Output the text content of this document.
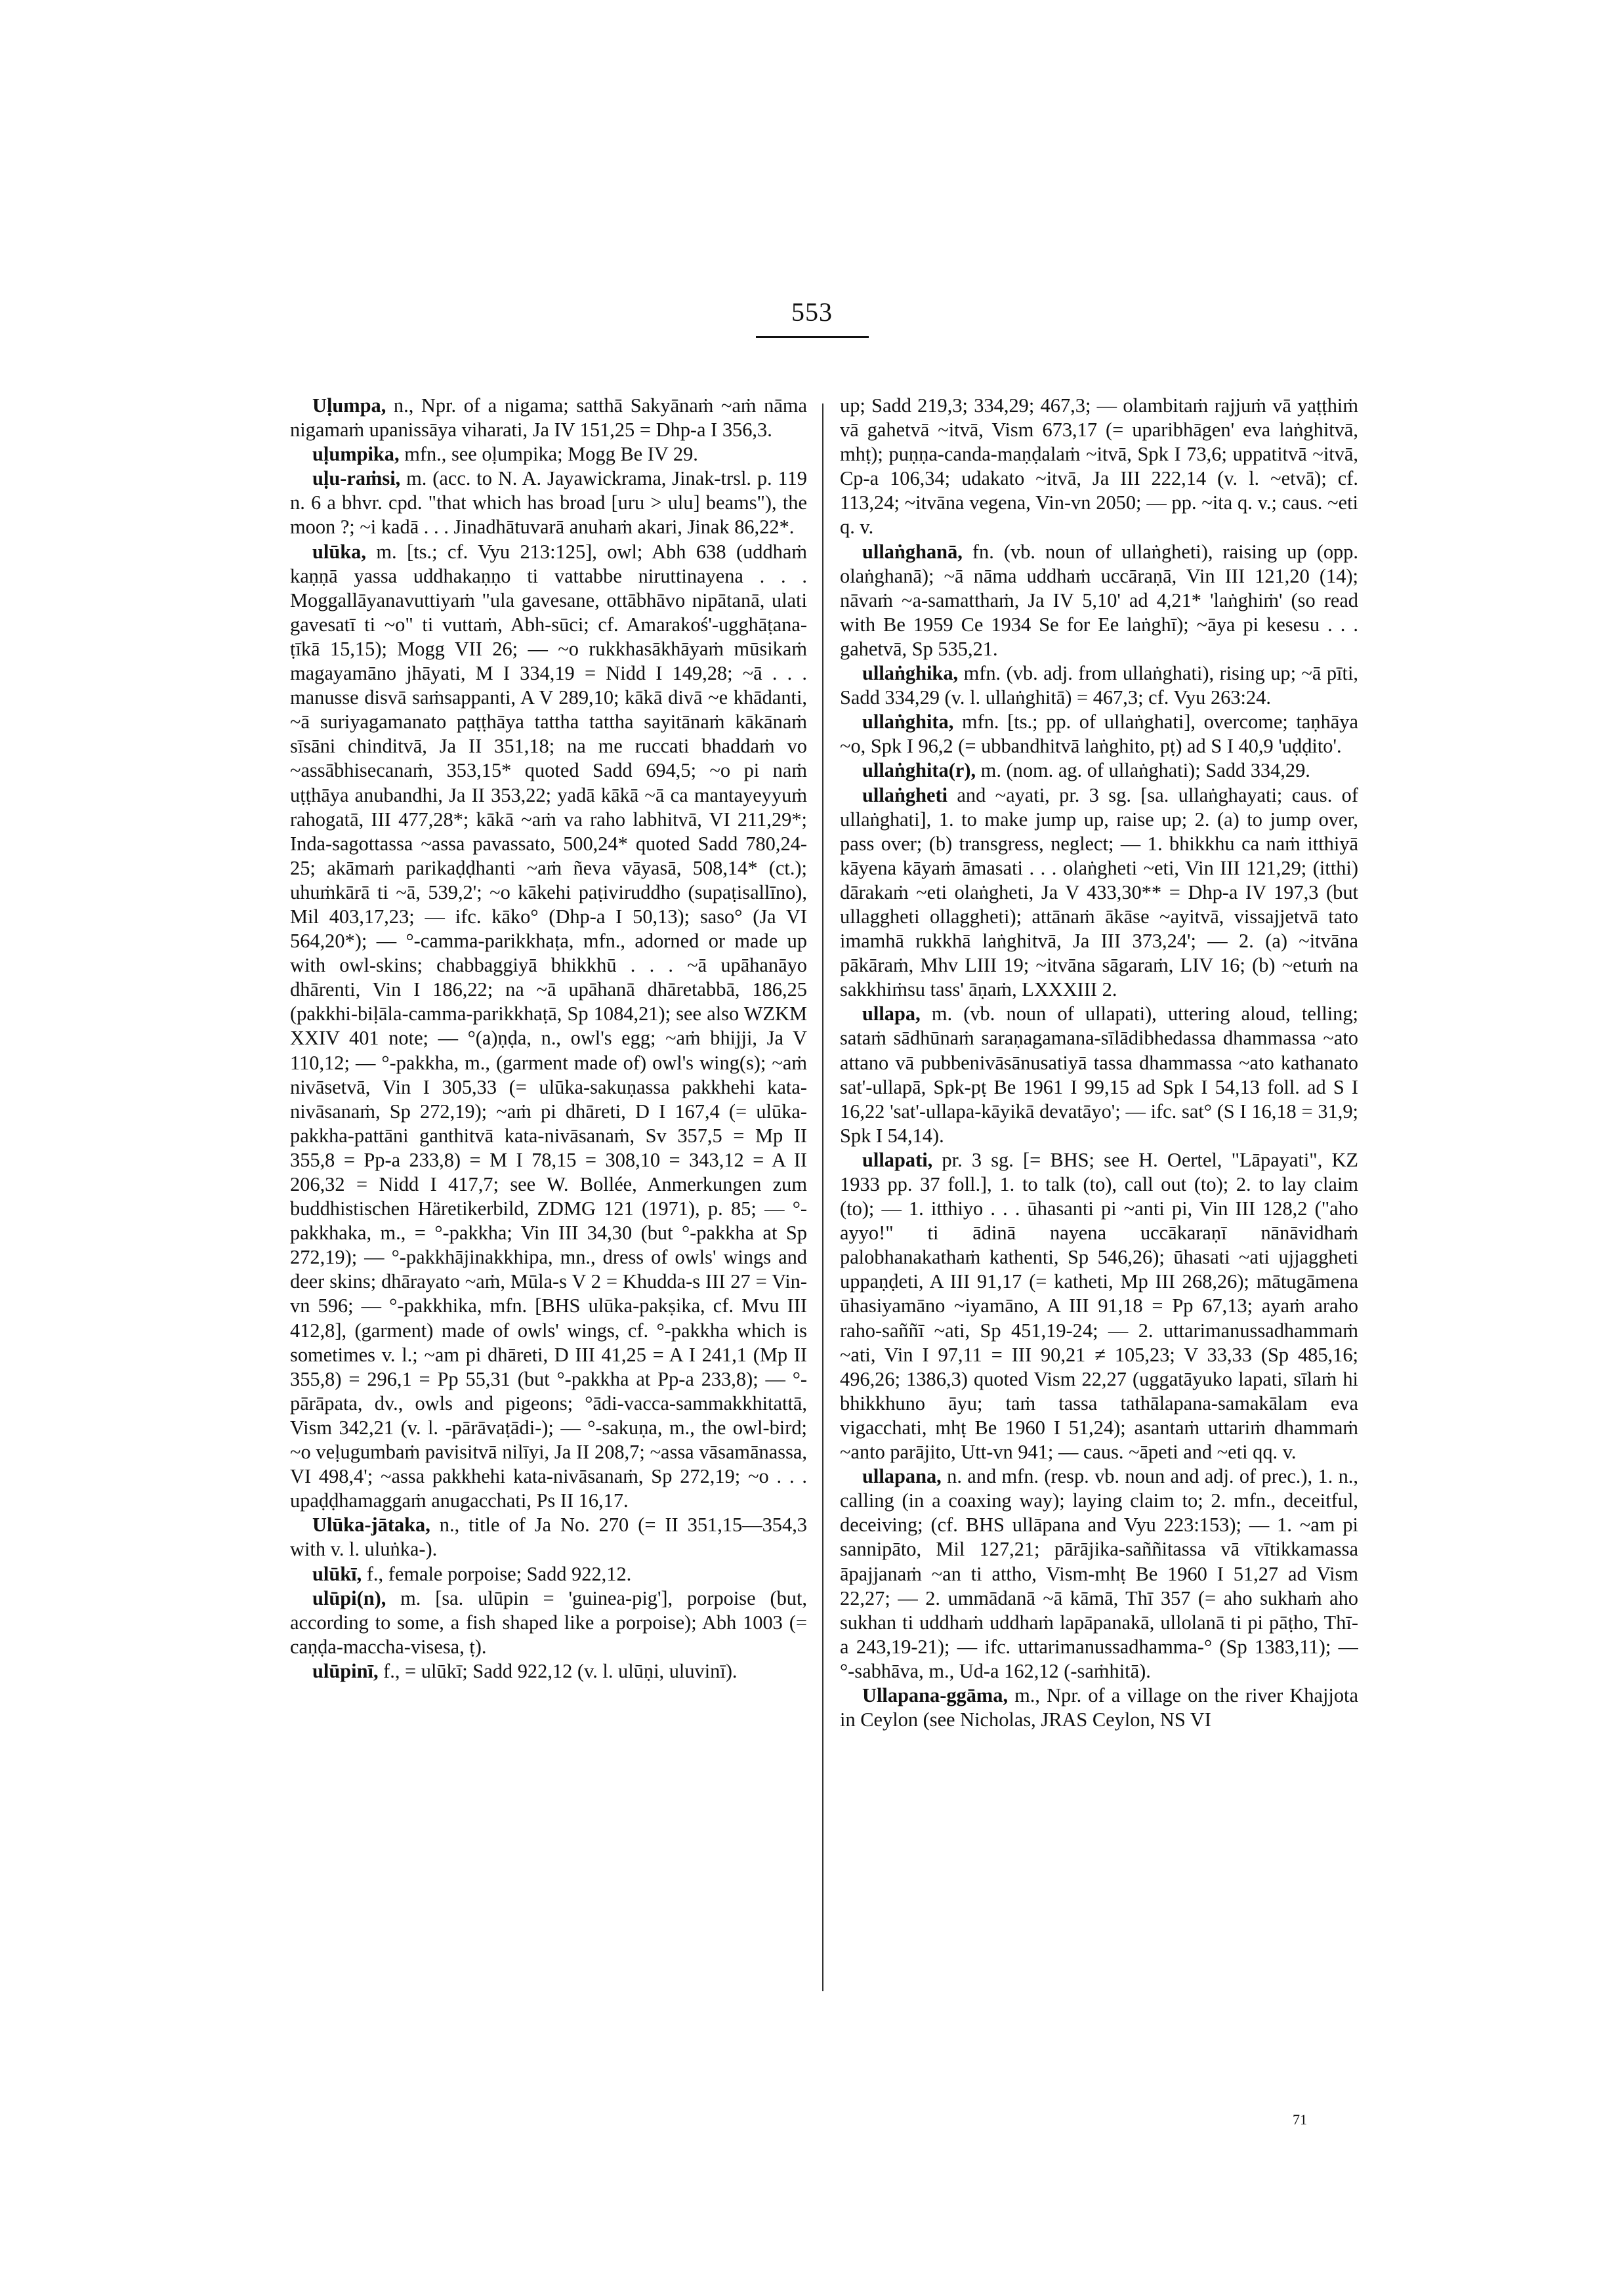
553

Uḷumpa, n., Npr. of a nigama; satthā Sakyānaṁ ~aṁ nāma nigamaṁ upanissāya viharati, Ja IV 151,25 = Dhp-a I 356,3.

uḷumpika, mfn., see oḷumpika; Mogg Be IV 29.

uḷu-raṁsi, m. (acc. to N. A. Jayawickrama, Jinak-trsl. p. 119 n. 6 a bhvr. cpd. "that which has broad [uru > ulu] beams"), the moon ?; ~i kadā . . . Jinadhātuvarā anuhaṁ akari, Jinak 86,22*.

ulūka, m. [ts.; cf. Vyu 213:125], owl; Abh 638 (uddhaṁ kaṇṇā yassa uddhakaṇṇo ti vattabbe niruttinayena . . . Moggallāyanavuttiyaṁ "ula gavesane, ottābhāvo nipātanā, ulati gavesatī ti ~o" ti vuttaṁ, Abh-sūci; cf. Amarakoś'-ugghāṭana-ṭīkā 15,15); Mogg VII 26; — ~o rukkhasākhāyaṁ mūsikaṁ magayamāno jhāyati, M I 334,19 = Nidd I 149,28; ~ā . . . manusse disvā saṁsappanti, A V 289,10; kākā divā ~e khādanti, ~ā suriyagamanato paṭṭhāya tattha tattha sayitānaṁ kākānaṁ sīsāni chinditvā, Ja II 351,18; na me ruccati bhaddaṁ vo ~assābhisecanaṁ, 353,15* quoted Sadd 694,5; ~o pi naṁ uṭṭhāya anubandhi, Ja II 353,22; yadā kākā ~ā ca mantayeyyuṁ rahogatā, III 477,28*; kākā ~aṁ va raho labhitvā, VI 211,29*; Inda-sagottassa ~assa pavassato, 500,24* quoted Sadd 780,24-25; akāmaṁ parikaḍḍhanti ~aṁ ñeva vāyasā, 508,14* (ct.); uhuṁkārā ti ~ā, 539,2'; ~o kākehi paṭiviruddho (supaṭisallīno), Mil 403,17,23; — ifc. kāko° (Dhp-a I 50,13); saso° (Ja VI 564,20*); — °-camma-parikkhaṭa, mfn., adorned or made up with owl-skins; chabbaggiyā bhikkhū . . . ~ā upāhanāyo dhārenti, Vin I 186,22; na ~ā upāhanā dhāretabbā, 186,25 (pakkhi-biḷāla-camma-parikkhaṭā, Sp 1084,21); see also WZKM XXIV 401 note; — °(a)ṇḍa, n., owl's egg; ~aṁ bhijji, Ja V 110,12; — °-pakkha, m., (garment made of) owl's wing(s); ~aṁ nivāsetvā, Vin I 305,33 (= ulūka-sakuṇassa pakkhehi kata-nivāsanaṁ, Sp 272,19); ~aṁ pi dhāreti, D I 167,4 (= ulūka-pakkha-pattāni ganthitvā kata-nivāsanaṁ, Sv 357,5 = Mp II 355,8 = Pp-a 233,8) = M I 78,15 = 308,10 = 343,12 = A II 206,32 = Nidd I 417,7; see W. Bollée, Anmerkungen zum buddhistischen Häretikerbild, ZDMG 121 (1971), p. 85; — °-pakkhaka, m., = °-pakkha; Vin III 34,30 (but °-pakkha at Sp 272,19); — °-pakkhājinakkhipa, mn., dress of owls' wings and deer skins; dhārayato ~aṁ, Mūla-s V 2 = Khudda-s III 27 = Vin-vn 596; — °-pakkhika, mfn. [BHS ulūka-pakṣika, cf. Mvu III 412,8], (garment) made of owls' wings, cf. °-pakkha which is sometimes v. l.; ~am pi dhāreti, D III 41,25 = A I 241,1 (Mp II 355,8) = 296,1 = Pp 55,31 (but °-pakkha at Pp-a 233,8); — °-pārāpata, dv., owls and pigeons; °ādi-vacca-sammakkhitattā, Vism 342,21 (v. l. -pārāvaṭādi-); — °-sakuṇa, m., the owl-bird; ~o veḷugumbaṁ pavisitvā nilīyi, Ja II 208,7; ~assa vāsamānassa, VI 498,4'; ~assa pakkhehi kata-nivāsanaṁ, Sp 272,19; ~o . . . upaḍḍhamaggaṁ anugacchati, Ps II 16,17.

Ulūka-jātaka, n., title of Ja No. 270 (= II 351,15—354,3 with v. l. uluṅka-).

ulūkī, f., female porpoise; Sadd 922,12.

ulūpi(n), m. [sa. ulūpin = 'guinea-pig'], porpoise (but, according to some, a fish shaped like a porpoise); Abh 1003 (= caṇḍa-maccha-visesa, ṭ).

ulūpinī, f., = ulūkī; Sadd 922,12 (v. l. ulūṇi, uluvinī).

up; Sadd 219,3; 334,29; 467,3; — olambitaṁ rajjuṁ vā yaṭṭhiṁ vā gahetvā ~itvā, Vism 673,17 (= uparibhāgen' eva laṅghitvā, mhṭ); puṇṇa-canda-maṇḍalaṁ ~itvā, Spk I 73,6; uppatitvā ~itvā, Cp-a 106,34; udakato ~itvā, Ja III 222,14 (v. l. ~etvā); cf. 113,24; ~itvāna vegena, Vin-vn 2050; — pp. ~ita q. v.; caus. ~eti q. v.

ullaṅghanā, fn. (vb. noun of ullaṅgheti), raising up (opp. olaṅghanā); ~ā nāma uddhaṁ uccāraṇā, Vin III 121,20 (14); nāvaṁ ~a-samatthaṁ, Ja IV 5,10' ad 4,21* 'laṅghiṁ' (so read with Be 1959 Ce 1934 Se for Ee laṅghī); ~āya pi kesesu . . . gahetvā, Sp 535,21.

ullaṅghika, mfn. (vb. adj. from ullaṅghati), rising up; ~ā pīti, Sadd 334,29 (v. l. ullaṅghitā) = 467,3; cf. Vyu 263:24.

ullaṅghita, mfn. [ts.; pp. of ullaṅghati], overcome; taṇhāya ~o, Spk I 96,2 (= ubbandhitvā laṅghito, pṭ) ad S I 40,9 'uḍḍito'.

ullaṅghita(r), m. (nom. ag. of ullaṅghati); Sadd 334,29.

ullaṅgheti and ~ayati, pr. 3 sg. [sa. ullaṅghayati; caus. of ullaṅghati], 1. to make jump up, raise up; 2. (a) to jump over, pass over; (b) transgress, neglect; — 1. bhikkhu ca naṁ itthiyā kāyena kāyaṁ āmasati . . . olaṅgheti ~eti, Vin III 121,29; (itthi) dārakaṁ ~eti olaṅgheti, Ja V 433,30** = Dhp-a IV 197,3 (but ullaggheti ollaggheti); attānaṁ ākāse ~ayitvā, vissajjetvā tato imamhā rukkhā laṅghitvā, Ja III 373,24'; — 2. (a) ~itvāna pākāraṁ, Mhv LIII 19; ~itvāna sāgaraṁ, LIV 16; (b) ~etuṁ na sakkhiṁsu tass' āṇaṁ, LXXXIII 2.

ullapa, m. (vb. noun of ullapati), uttering aloud, telling; sataṁ sādhūnaṁ saraṇagamana-sīlādibhedassa dhammassa ~ato attano vā pubbenivāsānusatiyā tassa dhammassa ~ato kathanato sat'-ullapā, Spk-pṭ Be 1961 I 99,15 ad Spk I 54,13 foll. ad S I 16,22 'sat'-ullapa-kāyikā devatāyo'; — ifc. sat° (S I 16,18 = 31,9; Spk I 54,14).

ullapati, pr. 3 sg. [= BHS; see H. Oertel, "Lāpayati", KZ 1933 pp. 37 foll.], 1. to talk (to), call out (to); 2. to lay claim (to); — 1. itthiyo . . . ūhasanti pi ~anti pi, Vin III 128,2 ("aho ayyo!" ti ādinā nayena uccākaraṇī nānāvidhaṁ palobhanakathaṁ kathenti, Sp 546,26); ūhasati ~ati ujjaggheti uppaṇḍeti, A III 91,17 (= katheti, Mp III 268,26); mātugāmena ūhasiyamāno ~iyamāno, A III 91,18 = Pp 67,13; ayaṁ araho raho-saññī ~ati, Sp 451,19-24; — 2. uttarimanussadhammaṁ ~ati, Vin I 97,11 = III 90,21 ≠ 105,23; V 33,33 (Sp 485,16; 496,26; 1386,3) quoted Vism 22,27 (uggatāyuko lapati, sīlaṁ hi bhikkhuno āyu; taṁ tassa tathālapana-samakālam eva vigacchati, mhṭ Be 1960 I 51,24); asantaṁ uttariṁ dhammaṁ ~anto parājito, Utt-vn 941; — caus. ~āpeti and ~eti qq. v.

ullapana, n. and mfn. (resp. vb. noun and adj. of prec.), 1. n., calling (in a coaxing way); laying claim to; 2. mfn., deceitful, deceiving; (cf. BHS ullāpana and Vyu 223:153); — 1. ~am pi sannipāto, Mil 127,21; pārājika-saññitassa vā vītikkamassa āpajjanaṁ ~an ti attho, Vism-mhṭ Be 1960 I 51,27 ad Vism 22,27; — 2. ummādanā ~ā kāmā, Thī 357 (= aho sukhaṁ aho sukhan ti uddhaṁ uddhaṁ lapāpanakā, ullolanā ti pi pāṭho, Thī-a 243,19-21); — ifc. uttarimanussadhamma-° (Sp 1383,11); — °-sabhāva, m., Ud-a 162,12 (-saṁhitā).

Ullapana-ggāma, m., Npr. of a village on the river Khajjota in Ceylon (see Nicholas, JRAS Ceylon, NS VI

71
